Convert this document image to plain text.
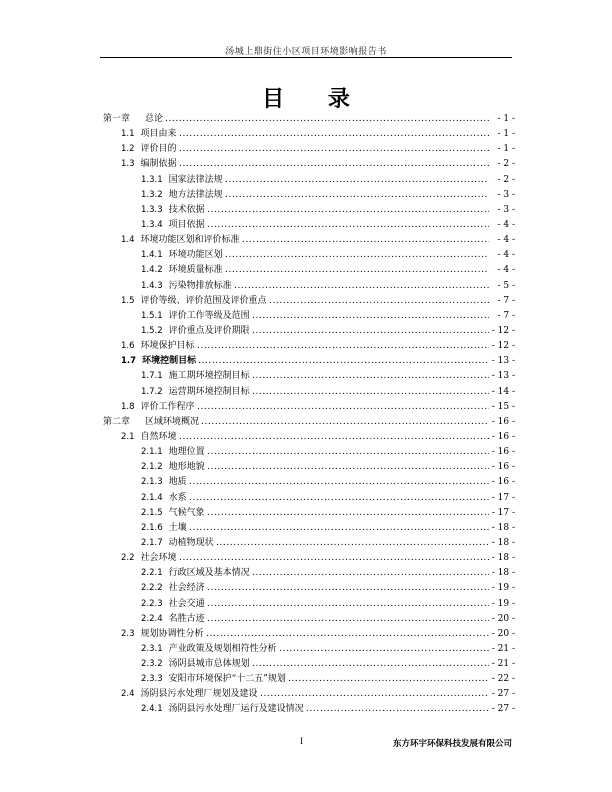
汤城上鼎街住小区项目环境影响报告书
目 录
.....
第一章 总论	- 1 -
.....
1.1 项目由来	- 1 -
.....
1.2 评价目的	- 1 -
.....
1.3 编制依据	- 2 -
.....
1.3.1 国家法律法规	- 2 -
.....
1.3.2 地方法律法规	- 3 -
.....
1.3.3 技术依据	- 3 -
.....
1.3.4 项目依据	- 4 -
.....
1.4 环境功能区划和评价标准	- 4 -
.....
1.4.1 环境功能区划	- 4 -
.....
1.4.2 环境质量标准	- 4 -
.....
1.4.3 污染物排放标准	- 5 -
.....
1.5 评价等级、评价范围及评价重点	- 7 -
.....
1.5.1 评价工作等级及范围	- 7 -
.....
1.5.2 评价重点及评价期限	- 12 -
.....
1.6 环境保护目标	- 12 -
.....
1.7 环境控制目标	- 13 -
.....
1.7.1 施工期环境控制目标	- 13 -
.....
1.7.2 运营期环境控制目标	- 14 -
.....
1.8 评价工作程序	- 15 -
.....
第二章 区域环境概况	- 16 -
.....
2.1 自然环境	- 16 -
.....
2.1.1 地理位置	- 16 -
.....
2.1.2 地形地貌	- 16 -
.....
2.1.3 地质	- 16 -
.....
2.1.4 水系	- 17 -
.....
2.1.5 气候气象	- 17 -
.....
2.1.6 土壤	- 18 -
.....
2.1.7 动植物现状	- 18 -
.....
2.2 社会环境	- 18 -
.....
2.2.1 行政区域及基本情况	- 18 -
.....
2.2.2 社会经济	- 19 -
.....
2.2.3 社会交通	- 19 -
.....
2.2.4 名胜古迹	- 20 -
.....
2.3 规划协调性分析	- 20 -
.....
2.3.1 产业政策及规划相符性分析	- 21 -
.....
2.3.2 汤阴县城市总体规划	- 21 -
.....
2.3.3 安阳市环境保护“十二五”规划	- 22 -
.....
2.4 汤阴县污水处理厂规划及建设	- 27 -
.....
2.4.1 汤阴县污水处理厂运行及建设情况	- 27 -
I	东方环宇环保科技发展有限公司
